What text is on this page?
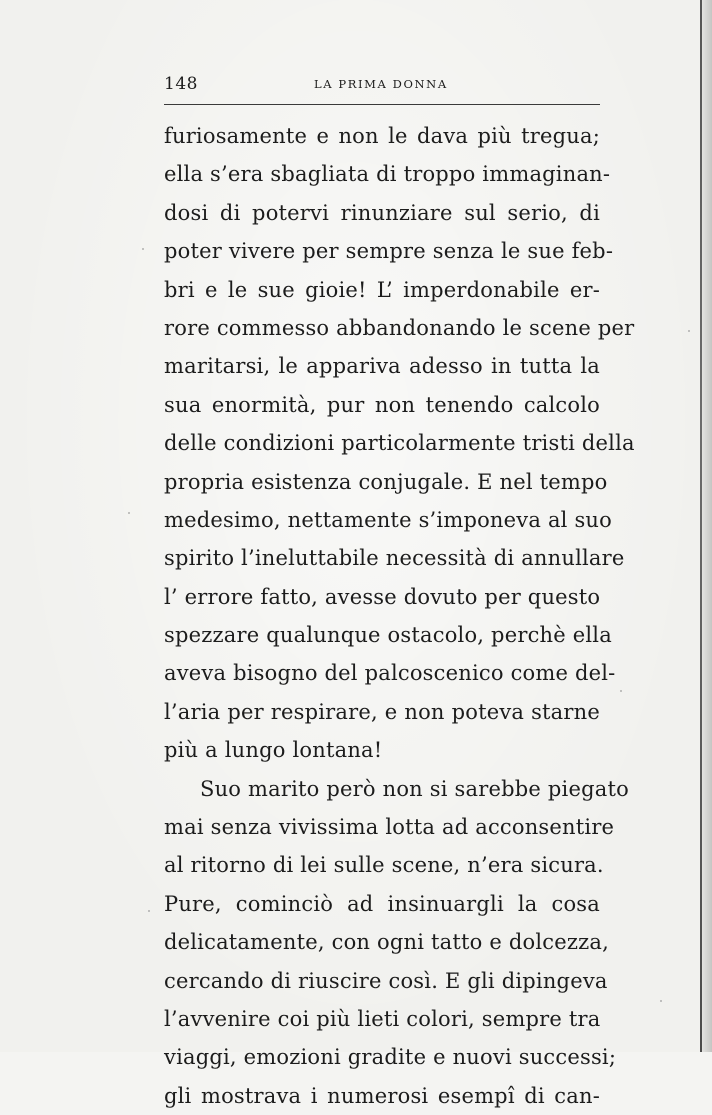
148	LA PRIMA DONNA
furiosamente e non le dava più tregua;
ella s’era sbagliata di troppo immaginan-
dosi di potervi rinunziare sul serio, di
poter vivere per sempre senza le sue feb-
bri e le sue gioie! L’ imperdonabile er-
rore commesso abbandonando le scene per
maritarsi, le appariva adesso in tutta la
sua enormità, pur non tenendo calcolo
delle condizioni particolarmente tristi della
propria esistenza conjugale. E nel tempo
medesimo, nettamente s’imponeva al suo
spirito l’ineluttabile necessità di annullare
l’ errore fatto, avesse dovuto per questo
spezzare qualunque ostacolo, perchè ella
aveva bisogno del palcoscenico come del-
l’aria per respirare, e non poteva starne
più a lungo lontana!
Suo marito però non si sarebbe piegato
mai senza vivissima lotta ad acconsentire
al ritorno di lei sulle scene, n’era sicura.
Pure, cominciò ad insinuargli la cosa
delicatamente, con ogni tatto e dolcezza,
cercando di riuscire così. E gli dipingeva
l’avvenire coi più lieti colori, sempre tra
viaggi, emozioni gradite e nuovi successi;
gli mostrava i numerosi esempî di can-
